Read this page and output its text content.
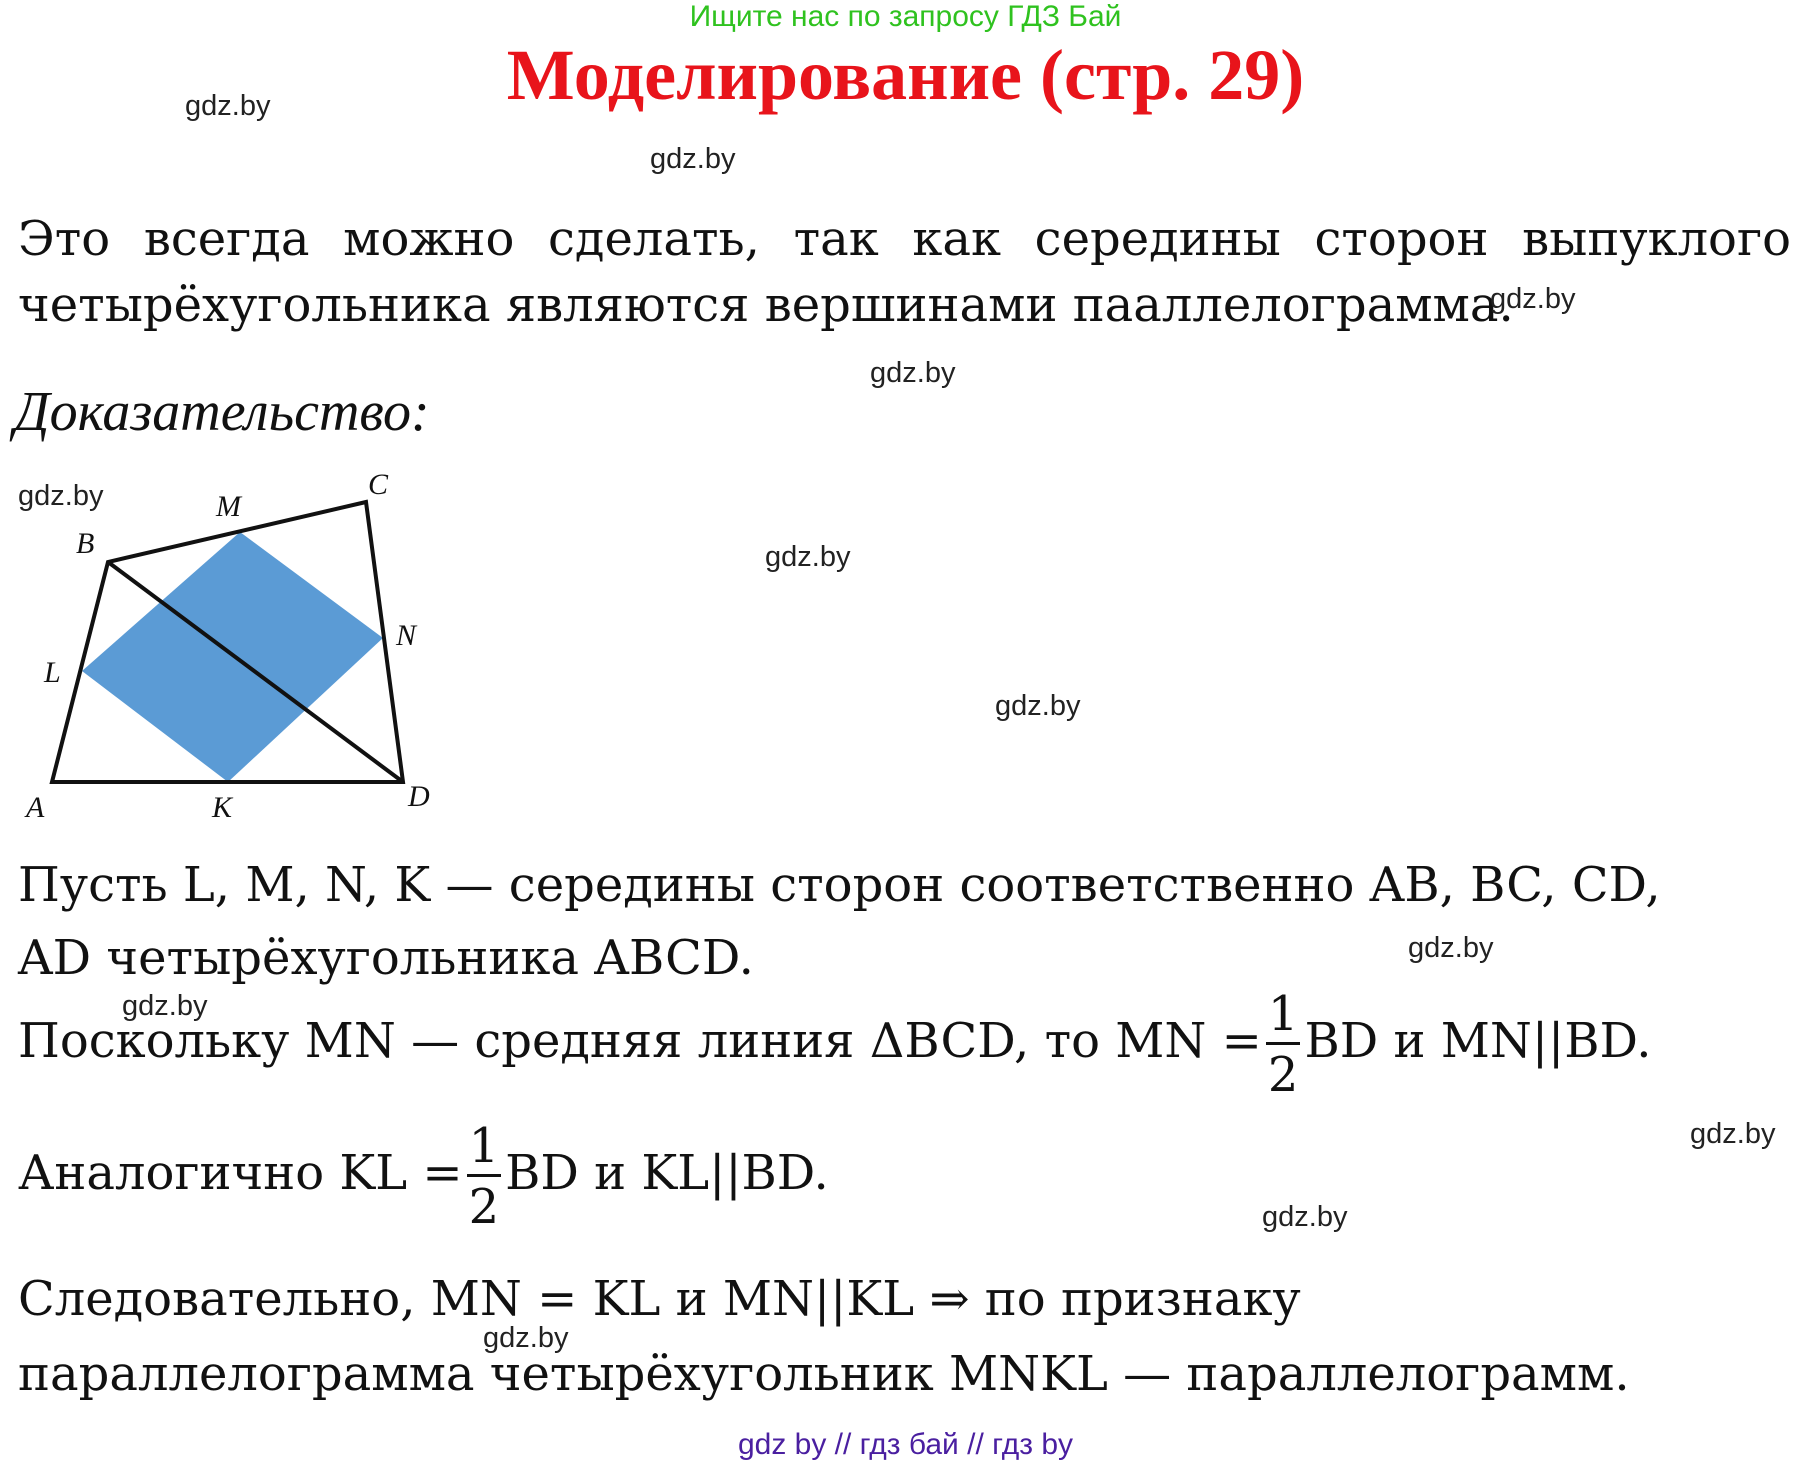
Ищите нас по запросу ГДЗ Бай
Моделирование (стр. 29)
gdz.by
gdz.by
Это всегда можно сделать, так как середины сторон выпуклого
четырёхугольника являются вершинами пааллелограмма.
gdz.by
gdz.by
Доказательство:
gdz.by
gdz.by
gdz.by
A
B
C
D
M
N
L
K
Пусть L, M, N, K — середины сторон соответственно AB, BC, CD,
AD четырёхугольника ABCD.	gdz.by
gdz.by
Поскольку MN — средняя линия ΔBCD, то MN = $\frac{1}{2}$ BD и MN||BD.
gdz.by
Аналогично KL = $\frac{1}{2}$ BD и KL||BD.
gdz.by
Следовательно, MN = KL и MN||KL ⇒ по признаку
gdz.by
параллелограмма четырёхугольник MNKL — параллелограмм.
gdz by // гдз бай // гдз by
